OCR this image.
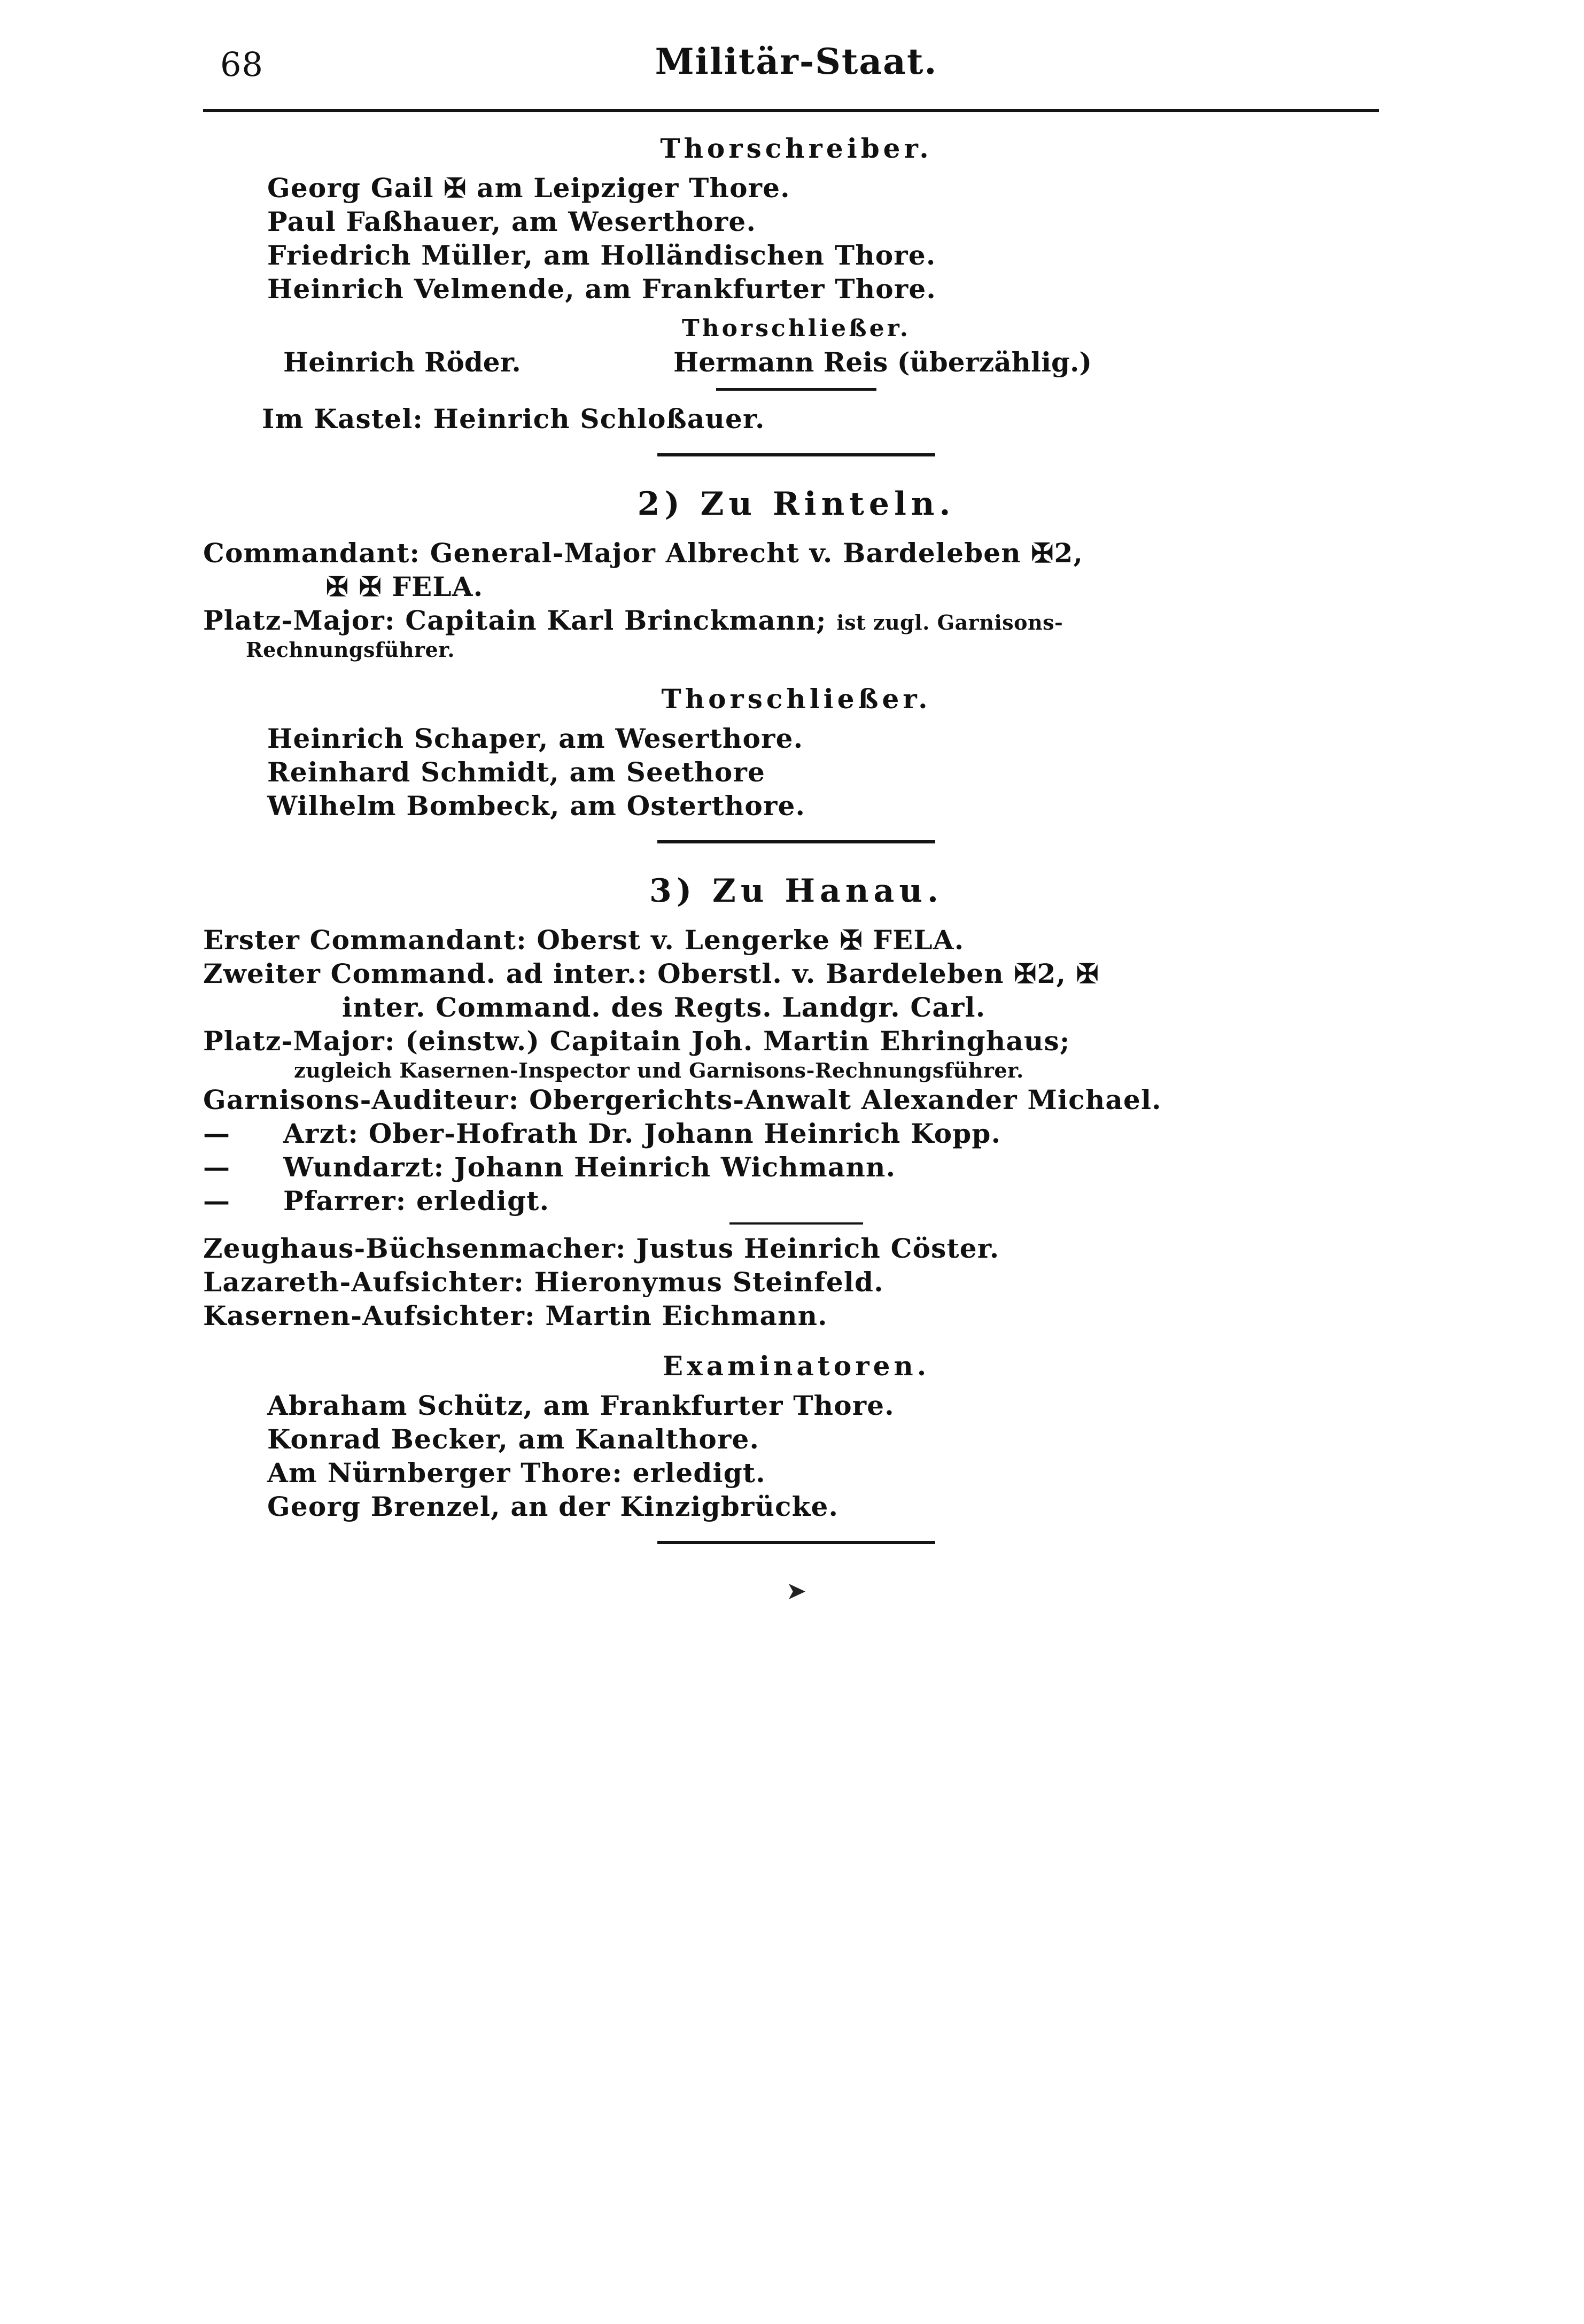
68	Militär-Staat.
Thorschreiber.
Georg Gail ✠ am Leipziger Thore.
Paul Faßhauer, am Weserthore.
Friedrich Müller, am Holländischen Thore.
Heinrich Velmende, am Frankfurter Thore.
Thorschließer.
Heinrich Röder.	Hermann Reis (überzählig.)
Im Kastel: Heinrich Schloßauer.
2) Zu Rinteln.
Commandant: General-Major Albrecht v. Bardeleben ✠2,
✠ ✠ FELA.
Platz-Major: Capitain Karl Brinckmann; ist zugl. Garnisons-
Rechnungsführer.
Thorschließer.
Heinrich Schaper, am Weserthore.
Reinhard Schmidt, am Seethore
Wilhelm Bombeck, am Osterthore.
3) Zu Hanau.
Erster Commandant: Oberst v. Lengerke ✠ FELA.
Zweiter Command. ad inter.: Oberstl. v. Bardeleben ✠2, ✠
inter. Command. des Regts. Landgr. Carl.
Platz-Major: (einstw.) Capitain Joh. Martin Ehringhaus;
zugleich Kasernen-Inspector und Garnisons-Rechnungsführer.
Garnisons-Auditeur: Obergerichts-Anwalt Alexander Michael.
— Arzt: Ober-Hofrath Dr. Johann Heinrich Kopp.
— Wundarzt: Johann Heinrich Wichmann.
— Pfarrer: erledigt.
Zeughaus-Büchsenmacher: Justus Heinrich Cöster.
Lazareth-Aufsichter: Hieronymus Steinfeld.
Kasernen-Aufsichter: Martin Eichmann.
Examinatoren.
Abraham Schütz, am Frankfurter Thore.
Konrad Becker, am Kanalthore.
Am Nürnberger Thore: erledigt.
Georg Brenzel, an der Kinzigbrücke.
➤
